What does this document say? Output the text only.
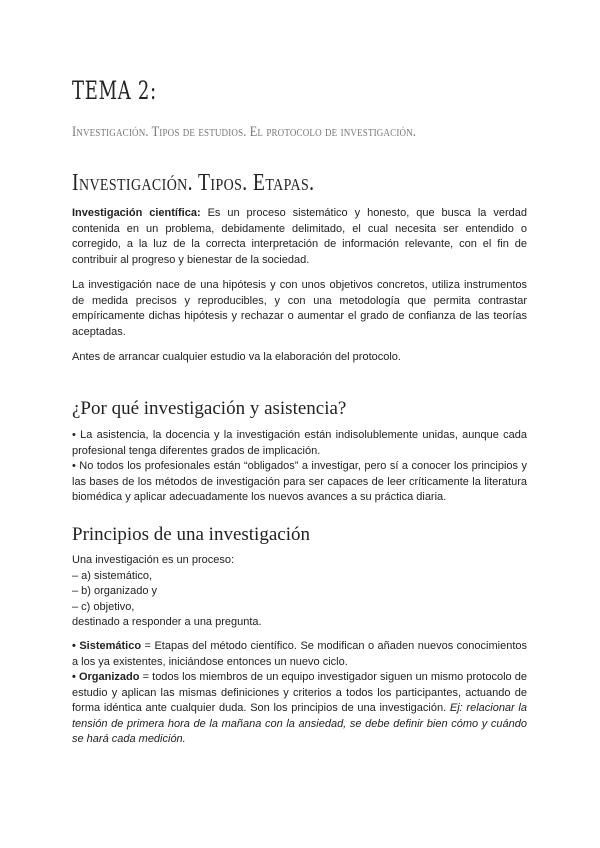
TEMA 2:
Investigación. Tipos de estudios. El protocolo de investigación.
Investigación. Tipos. Etapas.

Investigación científica: Es un proceso sistemático y honesto, que busca la verdad contenida en un problema, debidamente delimitado, el cual necesita ser entendido o corregido, a la luz de la correcta interpretación de información relevante, con el fin de contribuir al progreso y bienestar de la sociedad.

La investigación nace de una hipótesis y con unos objetivos concretos, utiliza instrumentos de medida precisos y reproducibles, y con una metodología que permita contrastar empíricamente dichas hipótesis y rechazar o aumentar el grado de confianza de las teorías aceptadas.
Antes de arrancar cualquier estudio va la elaboración del protocolo.
¿Por qué investigación y asistencia?
• La asistencia, la docencia y la investigación están indisolublemente unidas, aunque cada profesional tenga diferentes grados de implicación.
• No todos los profesionales están “obligados” a investigar, pero sí a conocer los principios y las bases de los métodos de investigación para ser capaces de leer críticamente la literatura biomédica y aplicar adecuadamente los nuevos avances a su práctica diaria.
Principios de una investigación

Una investigación es un proceso:

– a) sistemático,

– b) organizado y

– c) objetivo,

destinado a responder a una pregunta.

• Sistemático = Etapas del método científico. Se modifican o añaden nuevos conocimientos a los ya existentes, iniciándose entonces un nuevo ciclo.

• Organizado = todos los miembros de un equipo investigador siguen un mismo protocolo de estudio y aplican las mismas definiciones y criterios a todos los participantes, actuando de forma idéntica ante cualquier duda. Son los principios de una investigación. Ej: relacionar la tensión de primera hora de la mañana con la ansiedad, se debe definir bien cómo y cuándo se hará cada medición.
